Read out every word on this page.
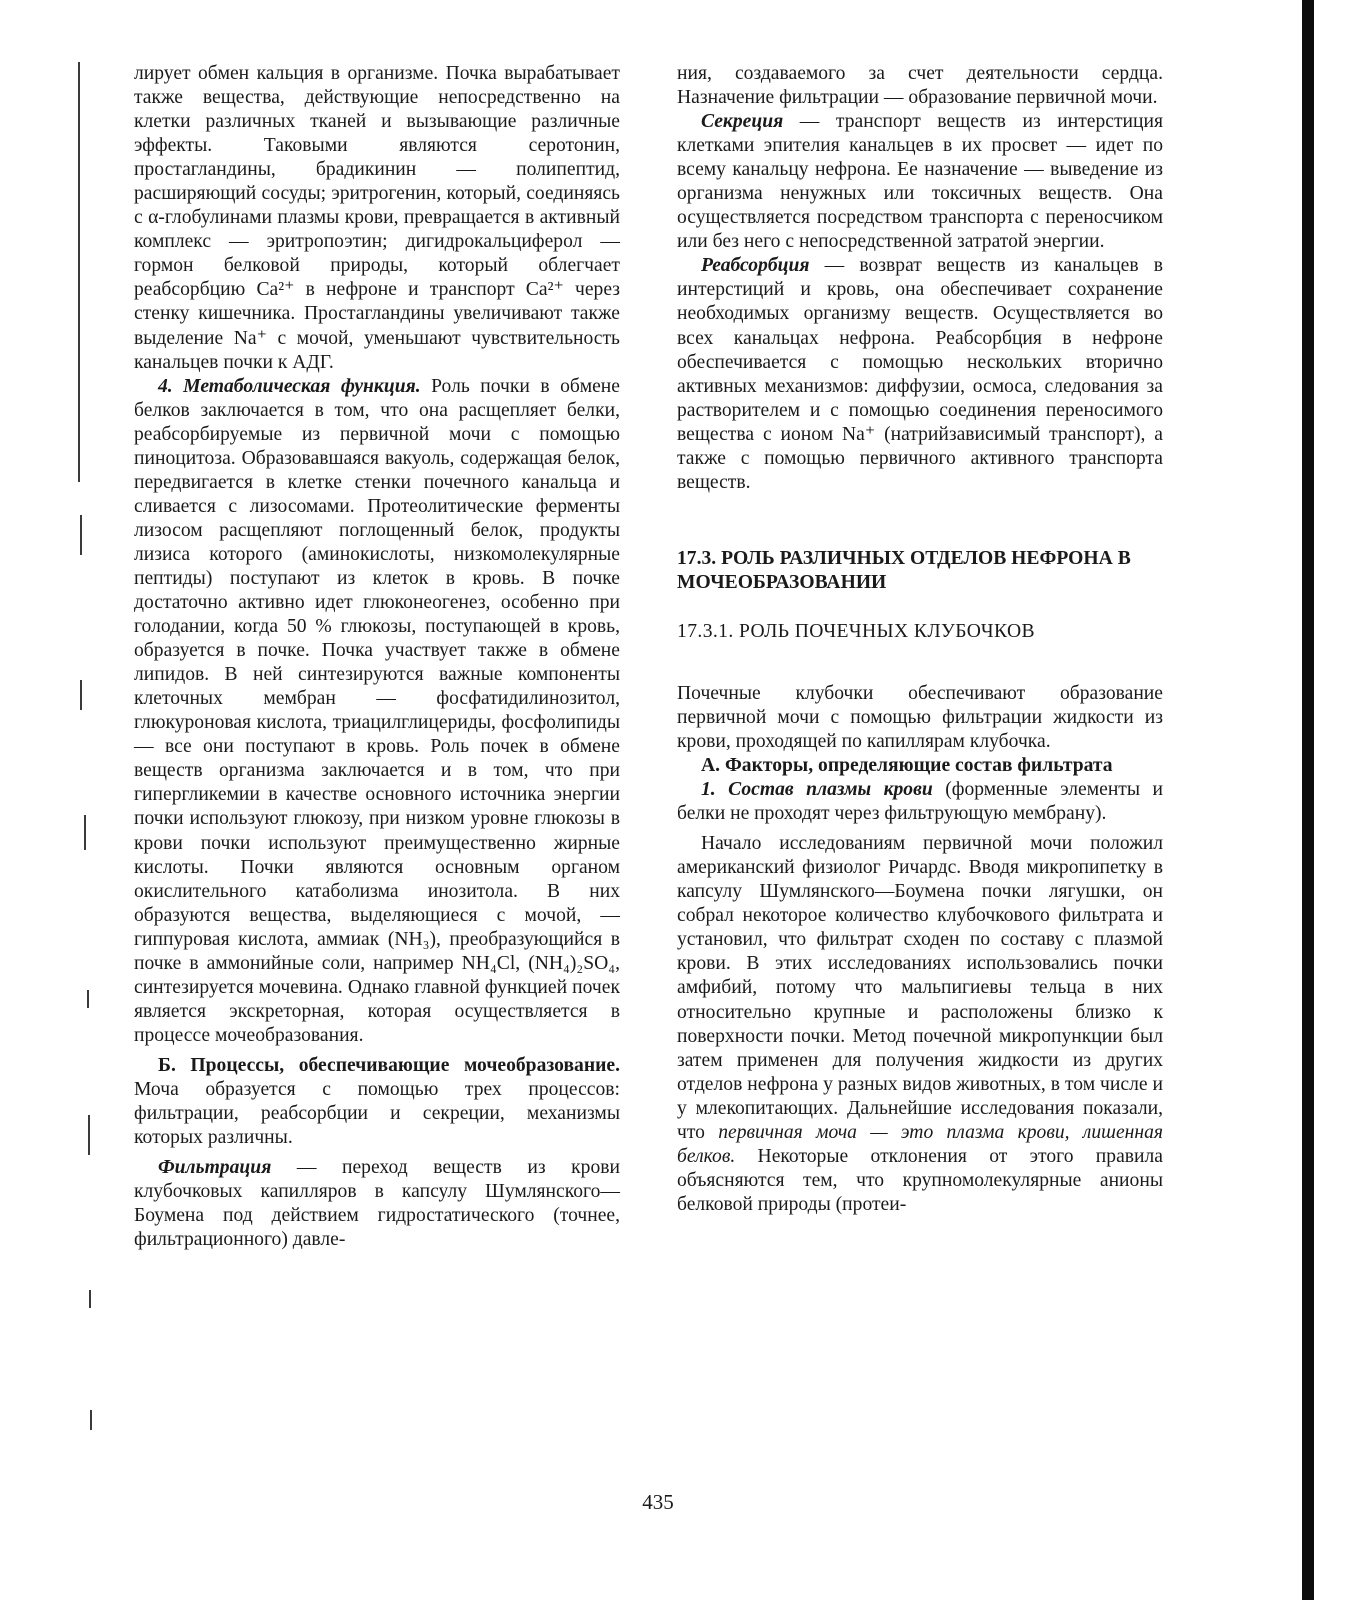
лирует обмен кальция в организме. Почка вырабатывает также вещества, действующие непосредственно на клетки различных тканей и вызывающие различные эффекты. Таковыми являются серотонин, простагландины, брадикинин — полипептид, расширяющий сосуды; эритрогенин, который, соединяясь с α-глобулинами плазмы крови, превращается в активный комплекс — эритропоэтин; дигидрокальциферол — гормон белковой природы, который облегчает реабсорбцию Ca²⁺ в нефроне и транспорт Ca²⁺ через стенку кишечника. Простагландины увеличивают также выделение Na⁺ с мочой, уменьшают чувствительность канальцев почки к АДГ.

4. Метаболическая функция. Роль почки в обмене белков заключается в том, что она расщепляет белки, реабсорбируемые из первичной мочи с помощью пиноцитоза. Образовавшаяся вакуоль, содержащая белок, передвигается в клетке стенки почечного канальца и сливается с лизосомами. Протеолитические ферменты лизосом расщепляют поглощенный белок, продукты лизиса которого (аминокислоты, низкомолекулярные пептиды) поступают из клеток в кровь. В почке достаточно активно идет глюконеогенез, особенно при голодании, когда 50 % глюкозы, поступающей в кровь, образуется в почке. Почка участвует также в обмене липидов. В ней синтезируются важные компоненты клеточных мембран — фосфатидилинозитол, глюкуроновая кислота, триацилглицериды, фосфолипиды — все они поступают в кровь. Роль почек в обмене веществ организма заключается и в том, что при гипергликемии в качестве основного источника энергии почки используют глюкозу, при низком уровне глюкозы в крови почки используют преимущественно жирные кислоты. Почки являются основным органом окислительного катаболизма инозитола. В них образуются вещества, выделяющиеся с мочой, — гиппуровая кислота, аммиак (NH₃), преобразующийся в почке в аммонийные соли, например NH₄Cl, (NH₄)₂SO₄, синтезируется мочевина. Однако главной функцией почек является экскреторная, которая осуществляется в процессе мочеобразования.

Б. Процессы, обеспечивающие мочеобразование. Моча образуется с помощью трех процессов: фильтрации, реабсорбции и секреции, механизмы которых различны.

Фильтрация — переход веществ из крови клубочковых капилляров в капсулу Шумлянского—Боумена под действием гидростатического (точнее, фильтрационного) давле-

ния, создаваемого за счет деятельности сердца. Назначение фильтрации — образование первичной мочи.

Секреция — транспорт веществ из интерстиция клетками эпителия канальцев в их просвет — идет по всему канальцу нефрона. Ее назначение — выведение из организма ненужных или токсичных веществ. Она осуществляется посредством транспорта с переносчиком или без него с непосредственной затратой энергии.

Реабсорбция — возврат веществ из канальцев в интерстиций и кровь, она обеспечивает сохранение необходимых организму веществ. Осуществляется во всех канальцах нефрона. Реабсорбция в нефроне обеспечивается с помощью нескольких вторично активных механизмов: диффузии, осмоса, следования за растворителем и с помощью соединения переносимого вещества с ионом Na⁺ (натрийзависимый транспорт), а также с помощью первичного активного транспорта веществ.

17.3. РОЛЬ РАЗЛИЧНЫХ ОТДЕЛОВ НЕФРОНА В МОЧЕОБРАЗОВАНИИ
17.3.1. РОЛЬ ПОЧЕЧНЫХ КЛУБОЧКОВ

Почечные клубочки обеспечивают образование первичной мочи с помощью фильтрации жидкости из крови, проходящей по капиллярам клубочка.

А. Факторы, определяющие состав фильтрата

1. Состав плазмы крови (форменные элементы и белки не проходят через фильтрующую мембрану).

Начало исследованиям первичной мочи положил американский физиолог Ричардс. Вводя микропипетку в капсулу Шумлянского—Боумена почки лягушки, он собрал некоторое количество клубочкового фильтрата и установил, что фильтрат сходен по составу с плазмой крови. В этих исследованиях использовались почки амфибий, потому что мальпигиевы тельца в них относительно крупные и расположены близко к поверхности почки. Метод почечной микропункции был затем применен для получения жидкости из других отделов нефрона у разных видов животных, в том числе и у млекопитающих. Дальнейшие исследования показали, что первичная моча — это плазма крови, лишенная белков. Некоторые отклонения от этого правила объясняются тем, что крупномолекулярные анионы белковой природы (протеи-

435
